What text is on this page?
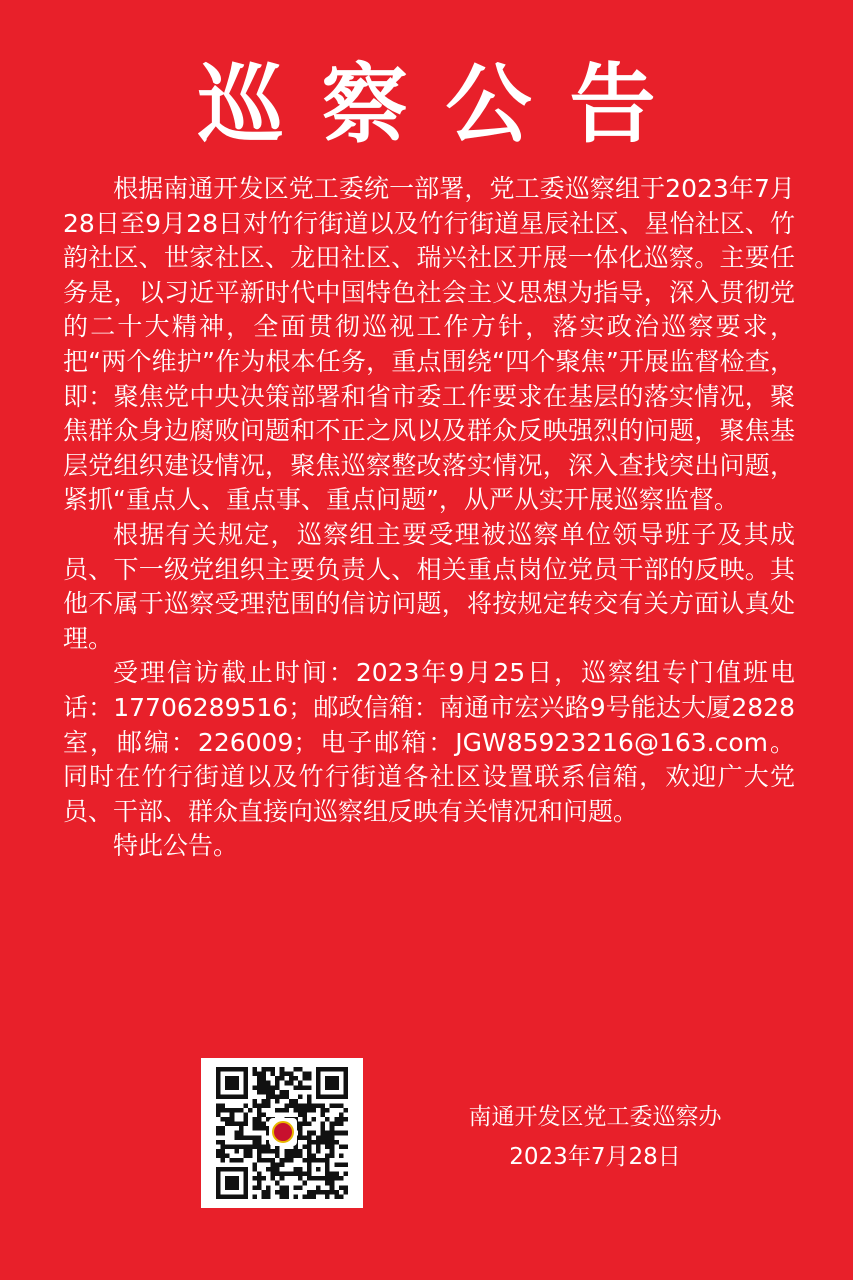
巡察公告

根据南通开发区党工委统一部署，党工委巡察组于2023年7月28日至9月28日对竹行街道以及竹行街道星辰社区、星怡社区、竹韵社区、世家社区、龙田社区、瑞兴社区开展一体化巡察。主要任务是，以习近平新时代中国特色社会主义思想为指导，深入贯彻党的二十大精神，全面贯彻巡视工作方针，落实政治巡察要求，把“两个维护”作为根本任务，重点围绕“四个聚焦”开展监督检查，即：聚焦党中央决策部署和省市委工作要求在基层的落实情况，聚焦群众身边腐败问题和不正之风以及群众反映强烈的问题，聚焦基层党组织建设情况，聚焦巡察整改落实情况，深入查找突出问题，紧抓“重点人、重点事、重点问题”，从严从实开展巡察监督。

根据有关规定，巡察组主要受理被巡察单位领导班子及其成员、下一级党组织主要负责人、相关重点岗位党员干部的反映。其他不属于巡察受理范围的信访问题，将按规定转交有关方面认真处理。

受理信访截止时间：2023年9月25日，巡察组专门值班电话：17706289516；邮政信箱：南通市宏兴路9号能达大厦2828室，邮编：226009；电子邮箱：JGW85923216@163.com。同时在竹行街道以及竹行街道各社区设置联系信箱，欢迎广大党员、干部、群众直接向巡察组反映有关情况和问题。

特此公告。

南通开发区党工委巡察办
2023年7月28日
